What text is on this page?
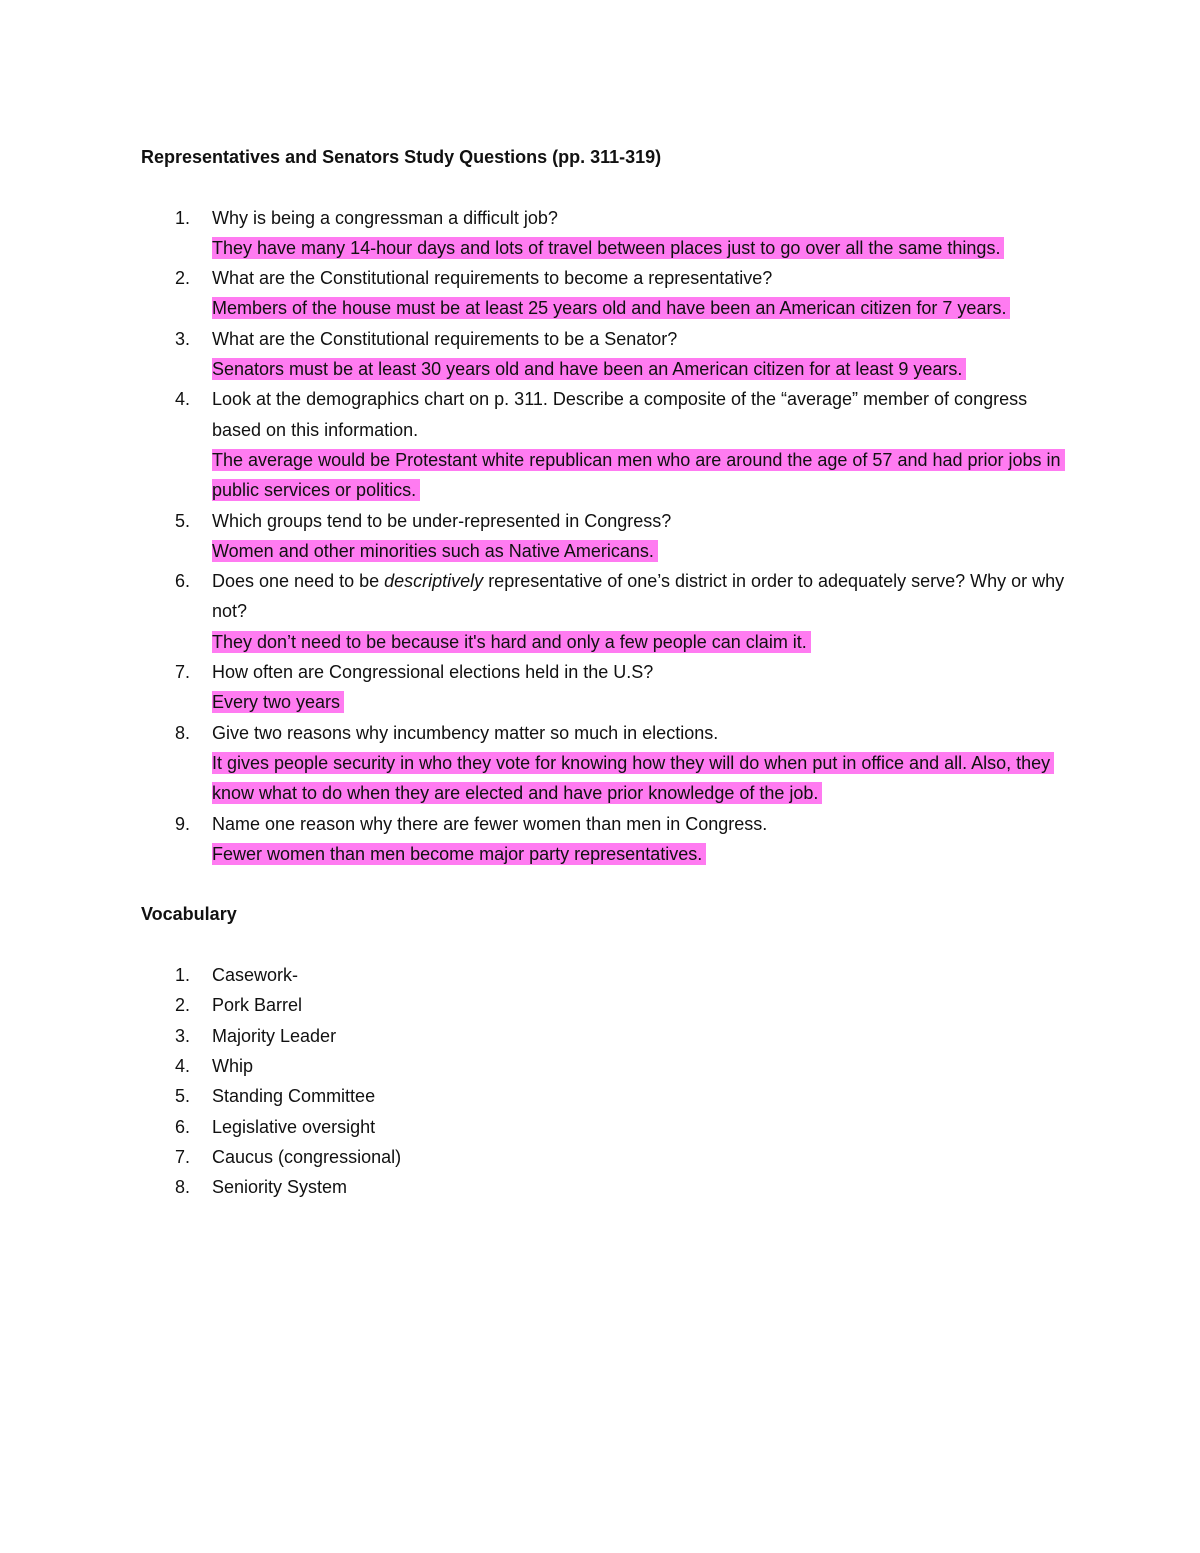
Representatives and Senators Study Questions (pp. 311-319)

1. Why is being a congressman a difficult job?
They have many 14-hour days and lots of travel between places just to go over all the same things.
2. What are the Constitutional requirements to become a representative?
Members of the house must be at least 25 years old and have been an American citizen for 7 years.
3. What are the Constitutional requirements to be a Senator?
Senators must be at least 30 years old and have been an American citizen for at least 9 years.
4. Look at the demographics chart on p. 311. Describe a composite of the “average” member of congress based on this information.
The average would be Protestant white republican men who are around the age of 57 and had prior jobs in public services or politics.
5. Which groups tend to be under-represented in Congress?
Women and other minorities such as Native Americans.
6. Does one need to be descriptively representative of one’s district in order to adequately serve? Why or why not?
They don’t need to be because it's hard and only a few people can claim it.
7. How often are Congressional elections held in the U.S?
Every two years
8. Give two reasons why incumbency matter so much in elections.
It gives people security in who they vote for knowing how they will do when put in office and all. Also, they know what to do when they are elected and have prior knowledge of the job.
9. Name one reason why there are fewer women than men in Congress.
Fewer women than men become major party representatives.

Vocabulary

1. Casework-
2. Pork Barrel
3. Majority Leader
4. Whip
5. Standing Committee
6. Legislative oversight
7. Caucus (congressional)
8. Seniority System
